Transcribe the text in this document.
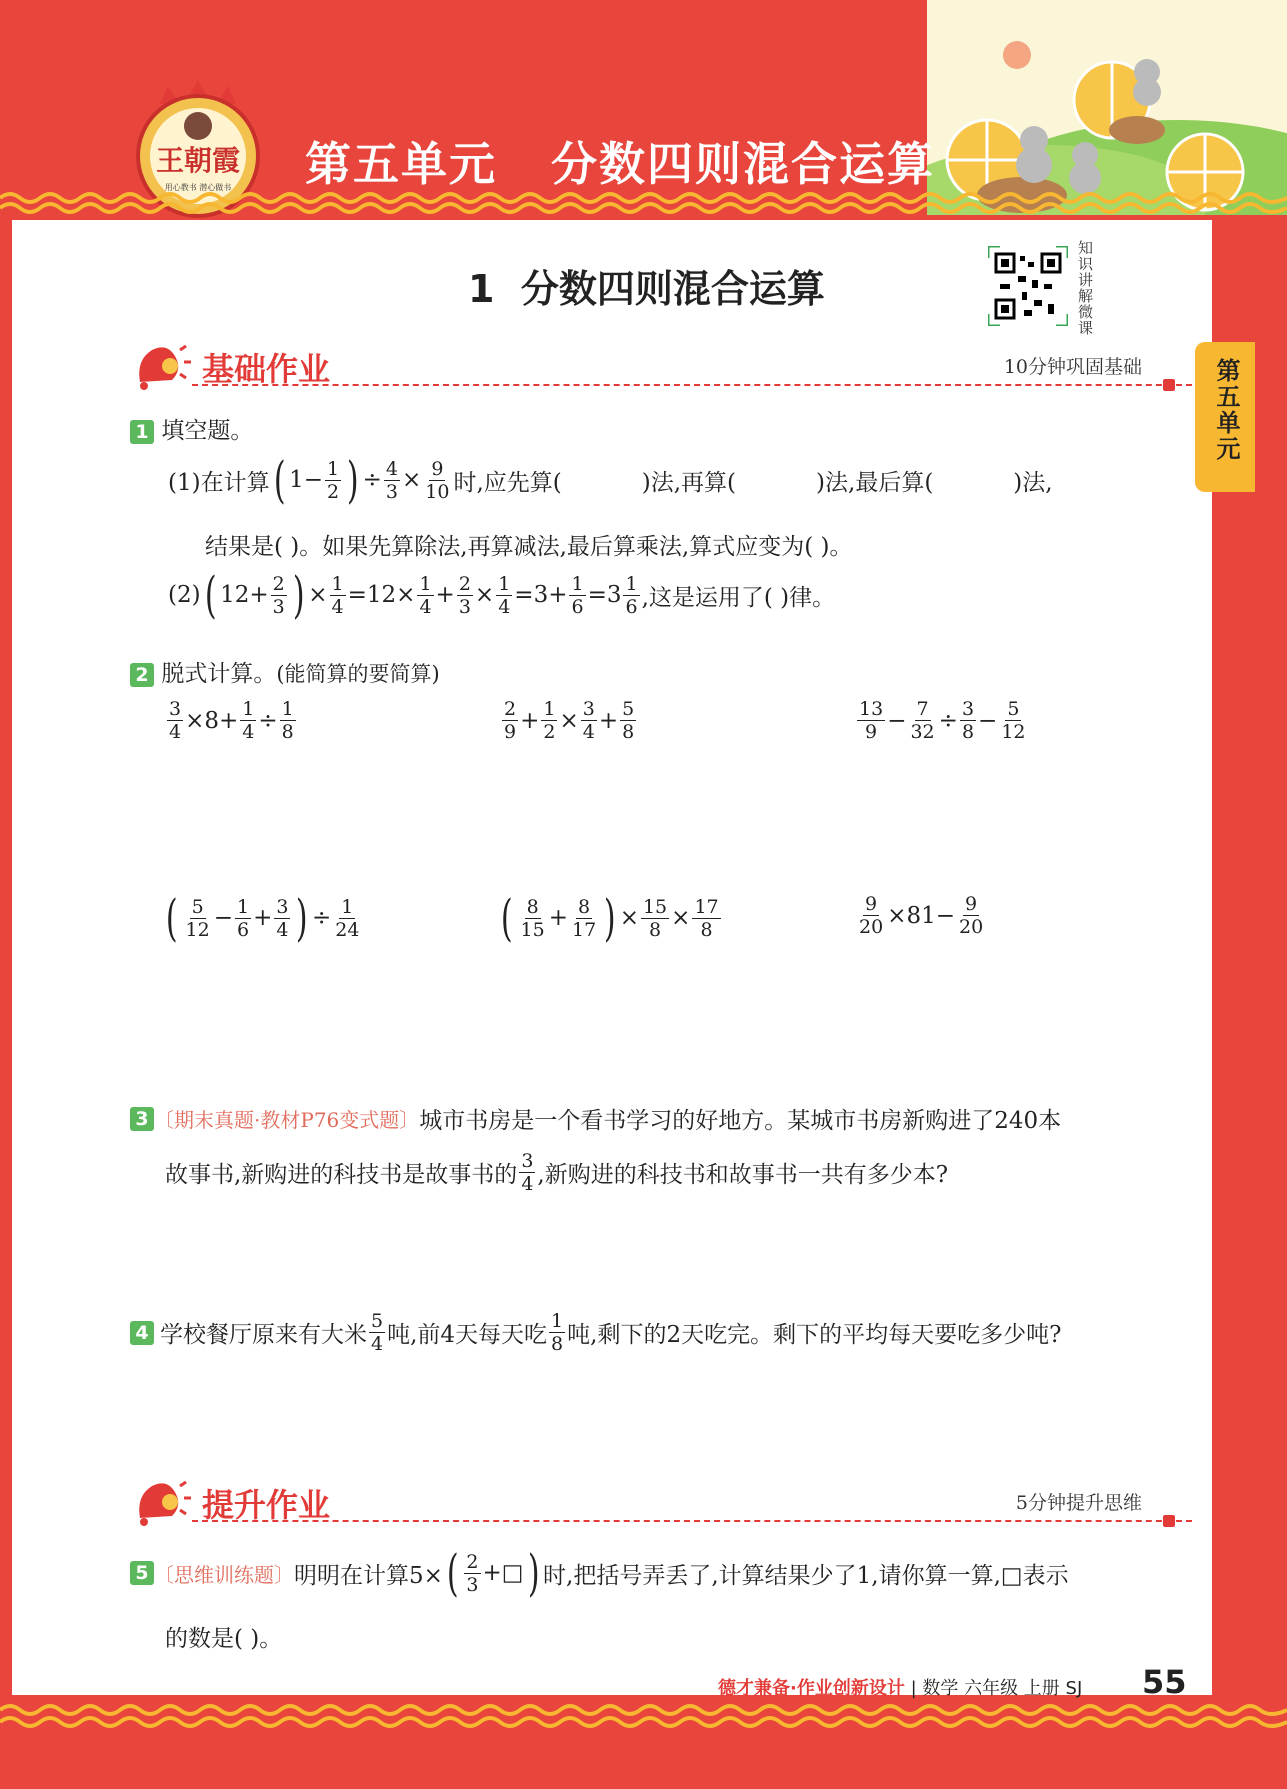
王朝霞
用心教书 潜心做书 第五单元   分数四则混合运算
第五单元
1  分数四则混合运算	知识讲解微课
基础作业	10分钟巩固基础
1 填空题。
(1)在计算 ( $1- \frac{1}{2}$ ) ÷ $\frac{4}{3} \times \frac{9}{10}$ 时,应先算(	)法,再算(	)法,最后算(	)法,
结果是( )。如果先算除法,再算减法,最后算乘法,算式应变为( )。
(2) ( $12+ \frac{2}{3}$ ) × $\frac{1}{4} =12\times \frac{1}{4} + \frac{2}{3} \times \frac{1}{4} =3+ \frac{1}{6} =3 \frac{1}{6}$ ,这是运用了( )律。
2 脱式计算。(能简算的要简算)
$\frac{3}{4} \times 8+ \frac{1}{4} \div \frac{1}{8}$	$\frac{2}{9} + \frac{1}{2} \times \frac{3}{4} + \frac{5}{8}$	$\frac{13}{9} - \frac{7}{32} \div \frac{3}{8} - \frac{5}{12}$
( $\frac{5}{12} - \frac{1}{6} + \frac{3}{4}$ ) ÷ $\frac{1}{24}$	( $\frac{8}{15} + \frac{8}{17}$ ) × $\frac{15}{8} \times \frac{17}{8}$	$\frac{9}{20} \times 81- \frac{9}{20}$
3 〔期末真题·教材P76变式题〕 城市书房是一个看书学习的好地方。某城市书房新购进了240本
故事书,新购进的科技书是故事书的 $\frac{3}{4}$ ,新购进的科技书和故事书一共有多少本?
4 学校餐厅原来有大米 $\frac{5}{4}$ 吨,前4天每天吃 $\frac{1}{8}$ 吨,剩下的2天吃完。剩下的平均每天要吃多少吨?
提升作业	5分钟提升思维
5 〔思维训练题〕 明明在计算5× ( $\frac{2}{3}$ +□ ) 时,把括号弄丢了,计算结果少了1,请你算一算,□表示
的数是( )。
德才兼备·作业创新设计 | 数学 六年级 上册 SJ 55
